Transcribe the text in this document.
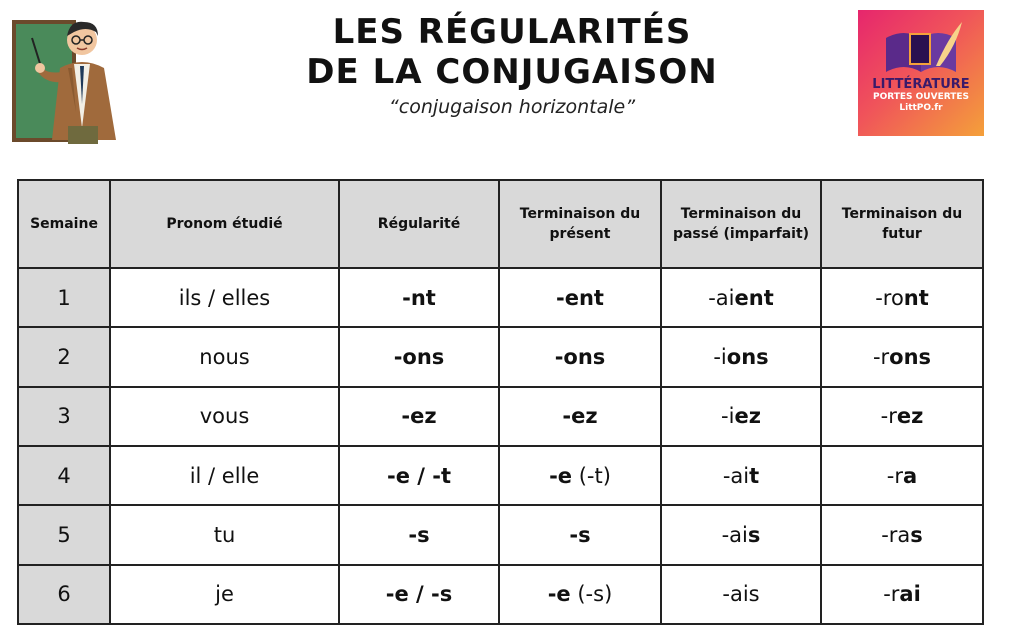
LES RÉGULARITÉS
DE LA CONJUGAISON
“conjugaison horizontale”
LITTÉRATURE
PORTES OUVERTES
LittPO.fr
Semaine	Pronom étudié	Régularité	Terminaison du présent	Terminaison du passé (imparfait)	Terminaison du futur
1	ils / elles	-nt	-ent	-aient	-ront
2	nous	-ons	-ons	-ions	-rons
3	vous	-ez	-ez	-iez	-rez
4	il / elle	-e / -t	-e (-t)	-ait	-ra
5	tu	-s	-s	-ais	-ras
6	je	-e / -s	-e (-s)	-ais	-rai
